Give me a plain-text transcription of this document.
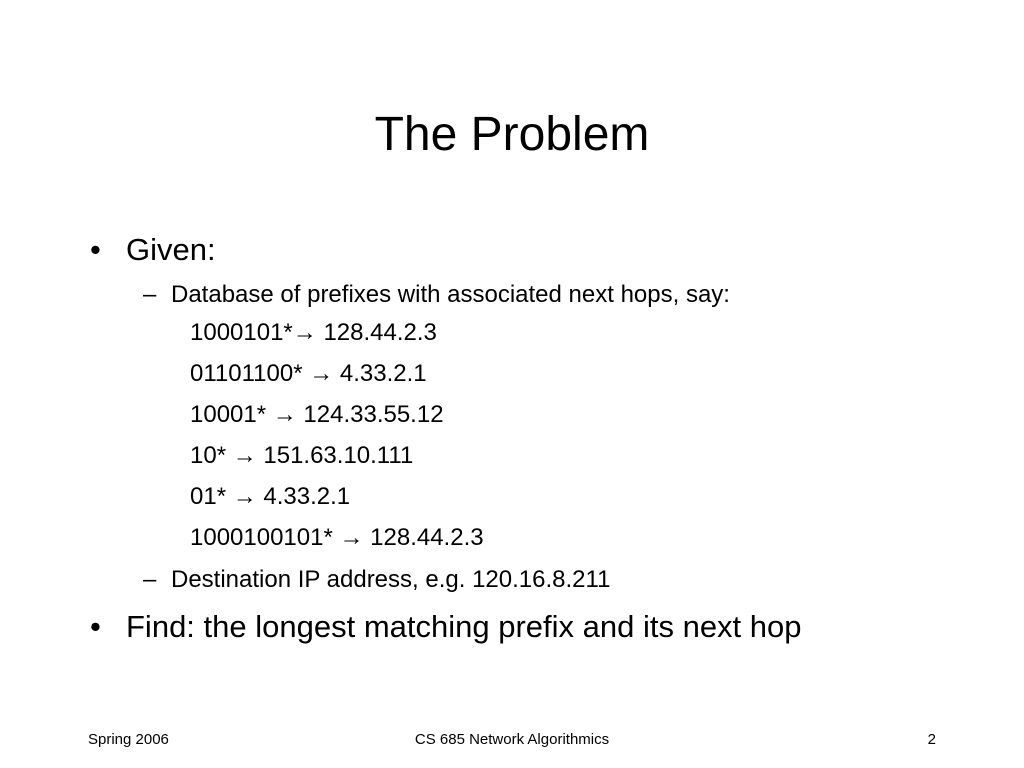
The Problem
• Given:
– Database of prefixes with associated next hops, say:
1000101*→ 128.44.2.3
01101100* → 4.33.2.1
10001* → 124.33.55.12
10* → 151.63.10.111
01* → 4.33.2.1
1000100101* → 128.44.2.3
– Destination IP address, e.g. 120.16.8.211
• Find: the longest matching prefix and its next hop
Spring 2006	CS 685 Network Algorithmics	2
